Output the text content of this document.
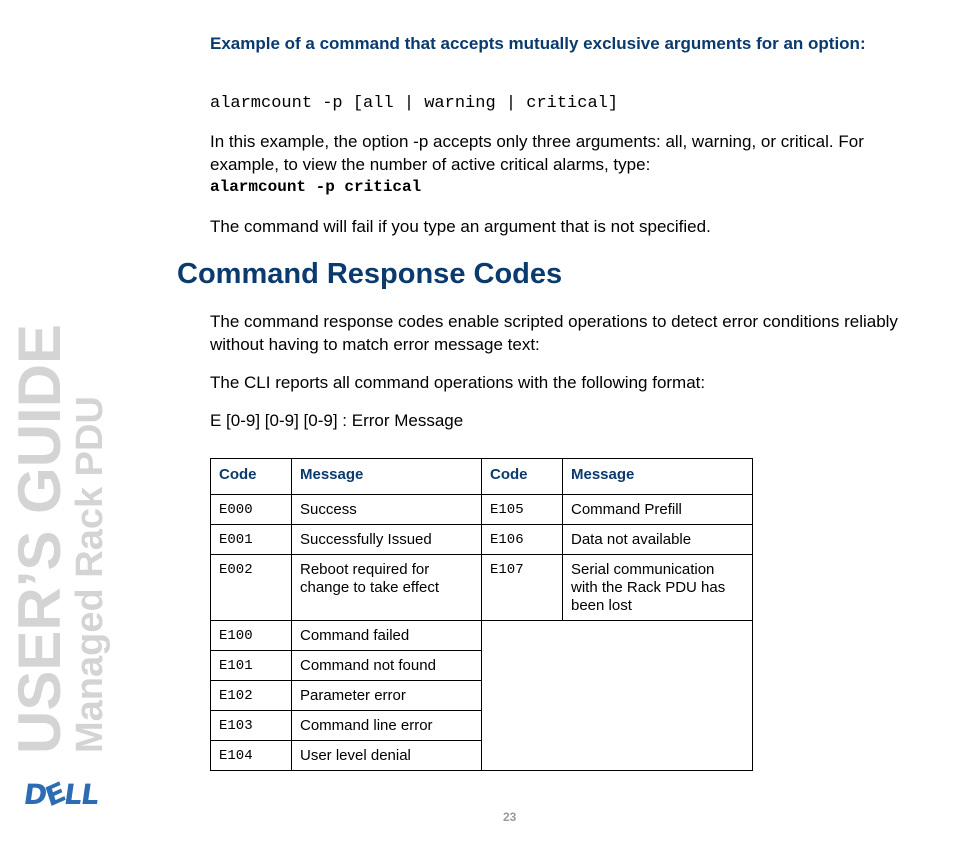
USER’S GUIDE
Managed Rack PDU
DELL
Example of a command that accepts mutually exclusive arguments for an option:
alarmcount -p [all | warning | critical]
In this example, the option -p accepts only three arguments: all, warning, or critical. For example, to view the number of active critical alarms, type:
alarmcount -p critical
The command will fail if you type an argument that is not specified.
Command Response Codes
The command response codes enable scripted operations to detect error conditions reliably without having to match error message text:
The CLI reports all command operations with the following format:
E [0-9] [0-9] [0-9] : Error Message
Code	Message	Code	Message
E000	Success	E105	Command Prefill
E001	Successfully Issued	E106	Data not available
E002	Reboot required for change to take effect	E107	Serial communication with the Rack PDU has been lost
E100	Command failed		
E101	Command not found		
E102	Parameter error		
E103	Command line error		
E104	User level denial		
23
